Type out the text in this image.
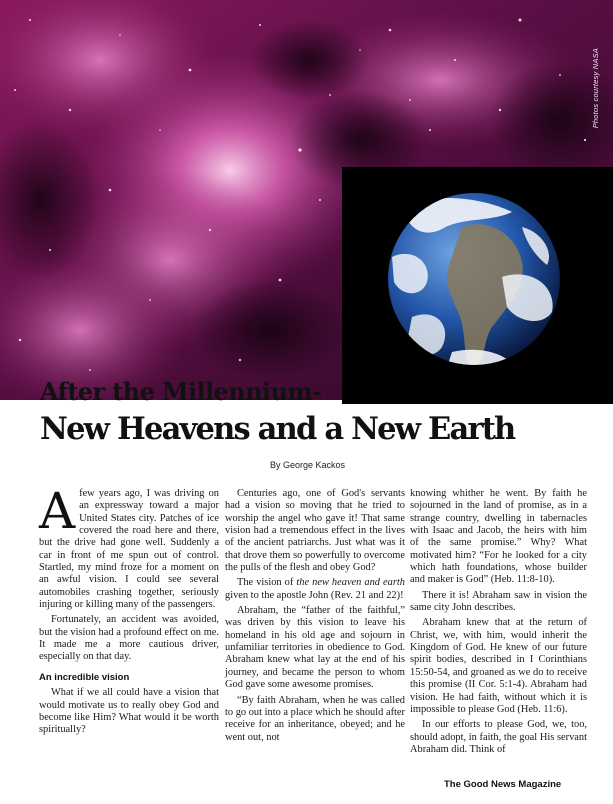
Photos courtesy NASA
After the Millennium-
New Heavens and a New Earth
By George Kackos

A few years ago, I was driving on an expressway toward a major United States city. Patches of ice covered the road here and there, but the drive had gone well. Suddenly a car in front of me spun out of control. Startled, my mind froze for a moment on an awful vision. I could see several automobiles crashing together, seriously injuring or killing many of the passengers.

Fortunately, an accident was avoided, but the vision had a profound effect on me. It made me a more cautious driver, especially on that day.

An incredible vision

What if we all could have a vision that would motivate us to really obey God and become like Him? What would it be worth spiritually?

Centuries ago, one of God's servants had a vision so moving that he tried to worship the angel who gave it! That same vision had a tremendous effect in the lives of the ancient patriarchs. Just what was it that drove them so powerfully to overcome the pulls of the flesh and obey God?

The vision of the new heaven and earth given to the apostle John (Rev. 21 and 22)!

Abraham, the “father of the faithful,” was driven by this vision to leave his homeland in his old age and sojourn in unfamiliar territories in obedience to God. Abraham knew what lay at the end of his journey, and became the person to whom God gave some awesome promises.

“By faith Abraham, when he was called to go out into a place which he should after receive for an inheritance, obeyed; and he went out, not

knowing whither he went. By faith he sojourned in the land of promise, as in a strange country, dwelling in tabernacles with Isaac and Jacob, the heirs with him of the same promise.” Why? What motivated him? “For he looked for a city which hath foundations, whose builder and maker is God” (Heb. 11:8-10).

There it is! Abraham saw in vision the same city John describes.

Abraham knew that at the return of Christ, we, with him, would inherit the Kingdom of God. He knew of our future spirit bodies, described in I Corinthians 15:50-54, and groaned as we do to receive this promise (II Cor. 5:1-4). Abraham had vision. He had faith, without which it is impossible to please God (Heb. 11:6).

In our efforts to please God, we, too, should adopt, in faith, the goal His servant Abraham did. Think of

The Good News Magazine
